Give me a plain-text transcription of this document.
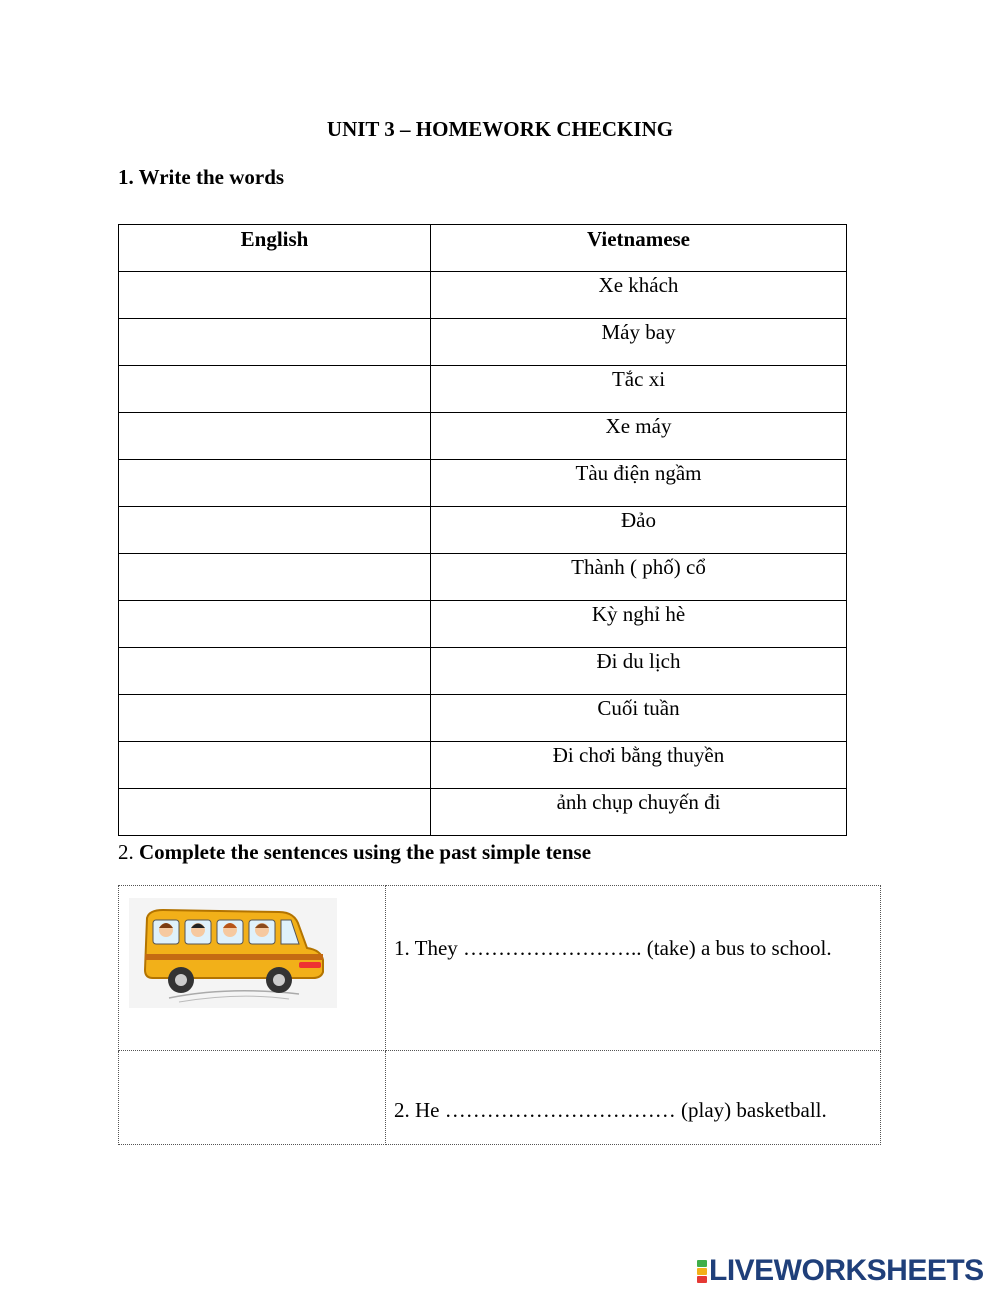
UNIT 3 – HOMEWORK CHECKING
1. Write the words
English	Vietnamese
	Xe khách
	Máy bay
	Tắc xi
	Xe máy
	Tàu điện ngầm
	Đảo
	Thành ( phố) cổ
	Kỳ nghỉ hè
	Đi du lịch
	Cuối tuần
	Đi chơi bằng thuyền
	ảnh chụp chuyến đi
2. Complete the sentences using the past simple tense

1. They …………………….. (take) a bus to school.

	2. He …………………………… (play) basketball.
LIVEWORKSHEETS
